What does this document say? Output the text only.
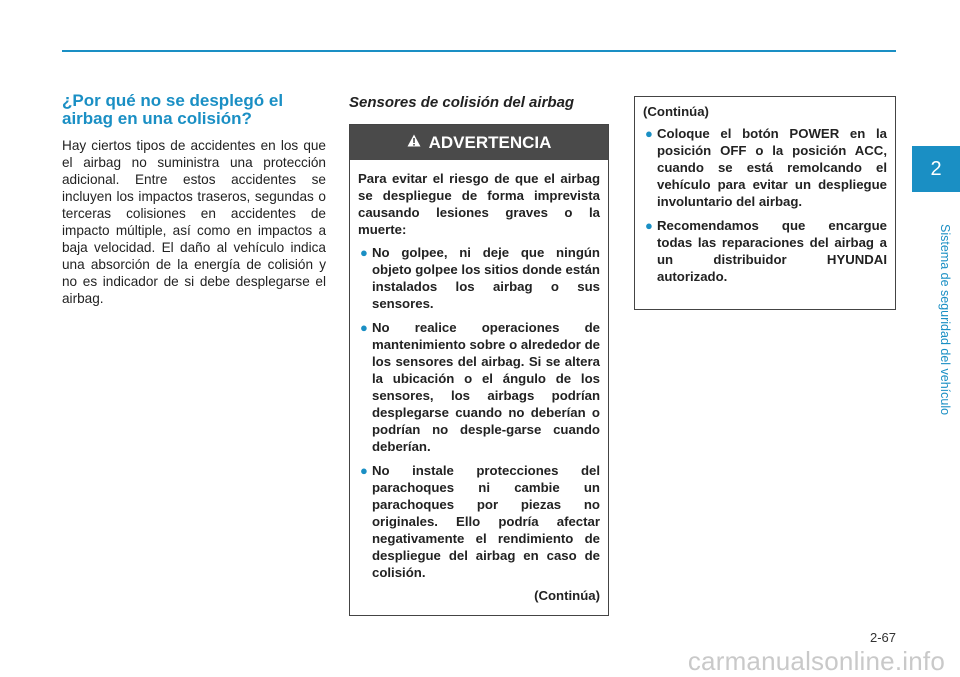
2
Sistema de seguridad del vehículo
¿Por qué no se desplegó el airbag en una colisión?

Hay ciertos tipos de accidentes en los que el airbag no suministra una protección adicional. Entre estos accidentes se incluyen los impactos traseros, segundas o terceras colisiones en accidentes de impacto múltiple, así como en impactos a baja velocidad. El daño al vehículo indica una absorción de la energía de colisión y no es indicador de si debe desplegarse el airbag.

Sensores de colisión del airbag
ADVERTENCIA

Para evitar el riesgo de que el airbag se despliegue de forma imprevista causando lesiones graves o la muerte:

● No golpee, ni deje que ningún objeto golpee los sitios donde están instalados los airbag o sus sensores.
● No realice operaciones de mantenimiento sobre o alrededor de los sensores del airbag. Si se altera la ubicación o el ángulo de los sensores, los airbags podrían desplegarse cuando no deberían o podrían no desple-garse cuando deberían.
● No instale protecciones del parachoques ni cambie un parachoques por piezas no originales. Ello podría afectar negativamente el rendimiento de despliegue del airbag en caso de colisión.
(Continúa)

(Continúa)

● Coloque el botón POWER en la posición OFF o la posición ACC, cuando se está remolcando el vehículo para evitar un despliegue involuntario del airbag.
● Recomendamos que encargue todas las reparaciones del airbag a un distribuidor HYUNDAI autorizado.
2-67
carmanualsonline.info
